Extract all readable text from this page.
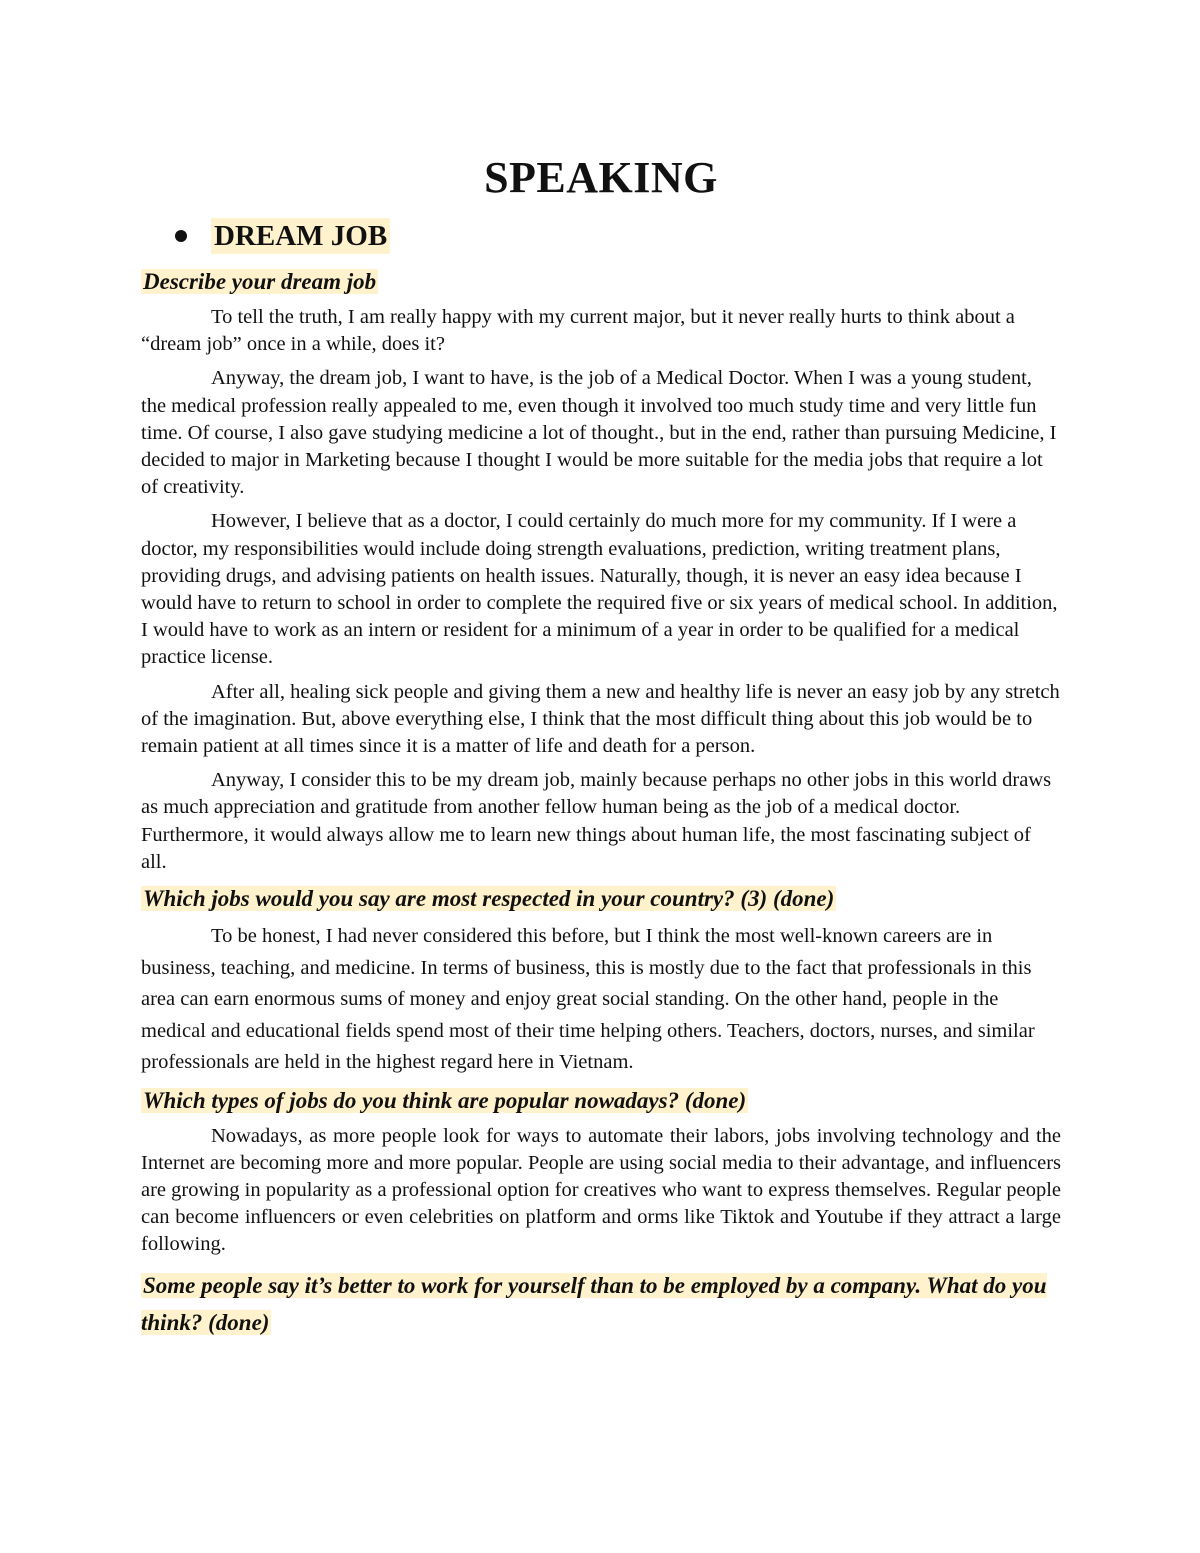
SPEAKING
DREAM JOB
Describe your dream job

To tell the truth, I am really happy with my current major, but it never really hurts to think about a “dream job” once in a while, does it?

Anyway, the dream job, I want to have, is the job of a Medical Doctor. When I was a young student, the medical profession really appealed to me, even though it involved too much study time and very little fun time. Of course, I also gave studying medicine a lot of thought., but in the end, rather than pursuing Medicine, I decided to major in Marketing because I thought I would be more suitable for the media jobs that require a lot of creativity.

However, I believe that as a doctor, I could certainly do much more for my community. If I were a doctor, my responsibilities would include doing strength evaluations, prediction, writing treatment plans, providing drugs, and advising patients on health issues. Naturally, though, it is never an easy idea because I would have to return to school in order to complete the required five or six years of medical school. In addition, I would have to work as an intern or resident for a minimum of a year in order to be qualified for a medical practice license.

After all, healing sick people and giving them a new and healthy life is never an easy job by any stretch of the imagination. But, above everything else, I think that the most difficult thing about this job would be to remain patient at all times since it is a matter of life and death for a person.

Anyway, I consider this to be my dream job, mainly because perhaps no other jobs in this world draws as much appreciation and gratitude from another fellow human being as the job of a medical doctor. Furthermore, it would always allow me to learn new things about human life, the most fascinating subject of all.

Which jobs would you say are most respected in your country? (3) (done)

To be honest, I had never considered this before, but I think the most well-known careers are in business, teaching, and medicine. In terms of business, this is mostly due to the fact that professionals in this area can earn enormous sums of money and enjoy great social standing. On the other hand, people in the medical and educational fields spend most of their time helping others. Teachers, doctors, nurses, and similar professionals are held in the highest regard here in Vietnam.

Which types of jobs do you think are popular nowadays? (done)

Nowadays, as more people look for ways to automate their labors, jobs involving technology and the Internet are becoming more and more popular. People are using social media to their advantage, and influencers are growing in popularity as a professional option for creatives who want to express themselves. Regular people can become influencers or even celebrities on platform and orms like Tiktok and Youtube if they attract a large following.

Some people say it’s better to work for yourself than to be employed by a company. What do you think? (done)
